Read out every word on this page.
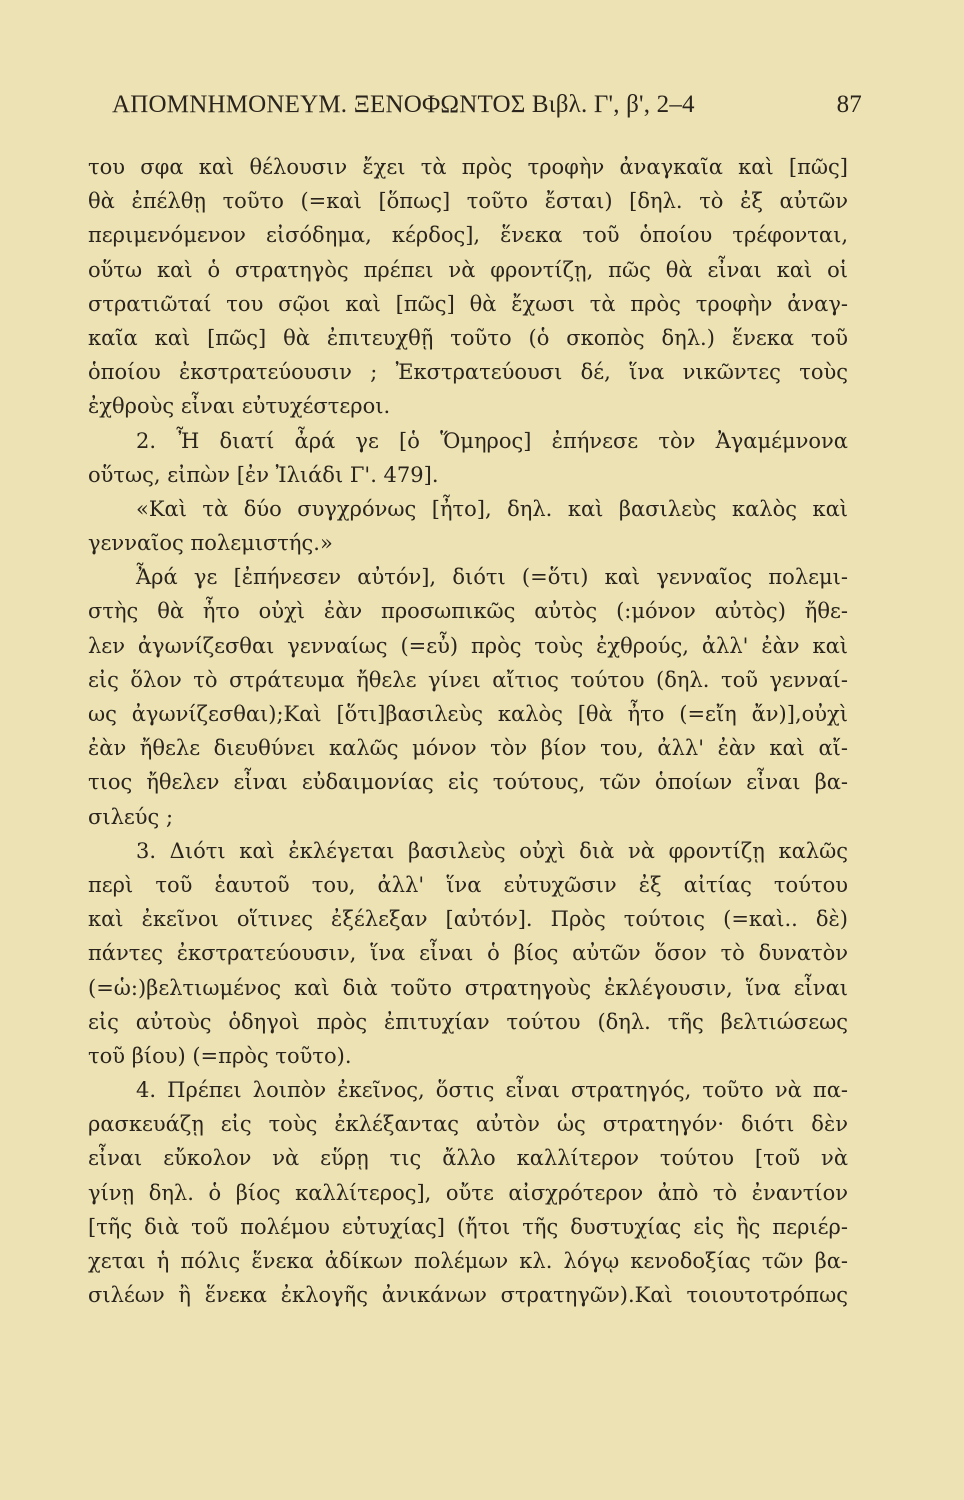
ΑΠΟΜΝΗΜΟΝΕΥΜ. ΞΕΝΟΦΩΝΤΟΣ Βιβλ. Γ', β', 2–4	87
του σφα καὶ θέλουσιν ἔχει τὰ πρὸς τροφὴν ἀναγκαῖα καὶ [πῶς]
θὰ ἐπέλθῃ τοῦτο (=καὶ [ὅπως] τοῦτο ἔσται) [δηλ. τὸ ἐξ αὐτῶν
περιμενόμενον εἰσόδημα, κέρδος], ἕνεκα τοῦ ὁποίου τρέφονται,
οὕτω καὶ ὁ στρατηγὸς πρέπει νὰ φροντίζῃ, πῶς θὰ εἶναι καὶ οἱ
στρατιῶταί του σῷοι καὶ [πῶς] θὰ ἔχωσι τὰ πρὸς τροφὴν ἀναγ-
καῖα καὶ [πῶς] θὰ ἐπιτευχθῇ τοῦτο (ὁ σκοπὸς δηλ.) ἕνεκα τοῦ
ὁποίου ἐκστρατεύουσιν ; Ἐκστρατεύουσι δέ, ἵνα νικῶντες τοὺς
ἐχθροὺς εἶναι εὐτυχέστεροι.
2. Ἦ διατί ἆρά γε [ὁ Ὅμηρος] ἐπήνεσε τὸν Ἀγαμέμνονα
οὕτως, εἰπὼν [ἐν Ἰλιάδι Γ'. 479].
«Καὶ τὰ δύο συγχρόνως [ἦτο], δηλ. καὶ βασιλεὺς καλὸς καὶ
γενναῖος πολεμιστής.»
Ἆρά γε [ἐπήνεσεν αὐτόν], διότι (=ὅτι) καὶ γενναῖος πολεμι-
στὴς θὰ ἦτο οὐχὶ ἐὰν προσωπικῶς αὐτὸς (:μόνον αὐτὸς) ἤθε-
λεν ἀγωνίζεσθαι γενναίως (=εὖ) πρὸς τοὺς ἐχθρούς, ἀλλ' ἐὰν καὶ
εἰς ὅλον τὸ στράτευμα ἤθελε γίνει αἴτιος τούτου (δηλ. τοῦ γενναί-
ως ἀγωνίζεσθαι);Καὶ [ὅτι]βασιλεὺς καλὸς [θὰ ἦτο (=εἴη ἄν)],οὐχὶ
ἐὰν ἤθελε διευθύνει καλῶς μόνον τὸν βίον του, ἀλλ' ἐὰν καὶ αἴ-
τιος ἤθελεν εἶναι εὐδαιμονίας εἰς τούτους, τῶν ὁποίων εἶναι βα-
σιλεύς ;
3. Διότι καὶ ἐκλέγεται βασιλεὺς οὐχὶ διὰ νὰ φροντίζῃ καλῶς
περὶ τοῦ ἑαυτοῦ του, ἀλλ' ἵνα εὐτυχῶσιν ἐξ αἰτίας τούτου
καὶ ἐκεῖνοι οἵτινες ἐξέλεξαν [αὐτόν]. Πρὸς τούτοις (=καὶ.. δὲ)
πάντες ἐκστρατεύουσιν, ἵνα εἶναι ὁ βίος αὐτῶν ὅσον τὸ δυνατὸν
(=ὡ:)βελτιωμένος καὶ διὰ τοῦτο στρατηγοὺς ἐκλέγουσιν, ἵνα εἶναι
εἰς αὐτοὺς ὁδηγοὶ πρὸς ἐπιτυχίαν τούτου (δηλ. τῆς βελτιώσεως
τοῦ βίου) (=πρὸς τοῦτο).
4. Πρέπει λοιπὸν ἐκεῖνος, ὅστις εἶναι στρατηγός, τοῦτο νὰ πα-
ρασκευάζῃ εἰς τοὺς ἐκλέξαντας αὐτὸν ὡς στρατηγόν· διότι δὲν
εἶναι εὔκολον νὰ εὕρῃ τις ἄλλο καλλίτερον τούτου [τοῦ νὰ
γίνῃ δηλ. ὁ βίος καλλίτερος], οὔτε αἰσχρότερον ἀπὸ τὸ ἐναντίον
[τῆς διὰ τοῦ πολέμου εὐτυχίας] (ἤτοι τῆς δυστυχίας εἰς ἣς περιέρ-
χεται ἡ πόλις ἕνεκα ἀδίκων πολέμων κλ. λόγῳ κενοδοξίας τῶν βα-
σιλέων ἢ ἕνεκα ἐκλογῆς ἀνικάνων στρατηγῶν).Καὶ τοιουτοτρόπως
